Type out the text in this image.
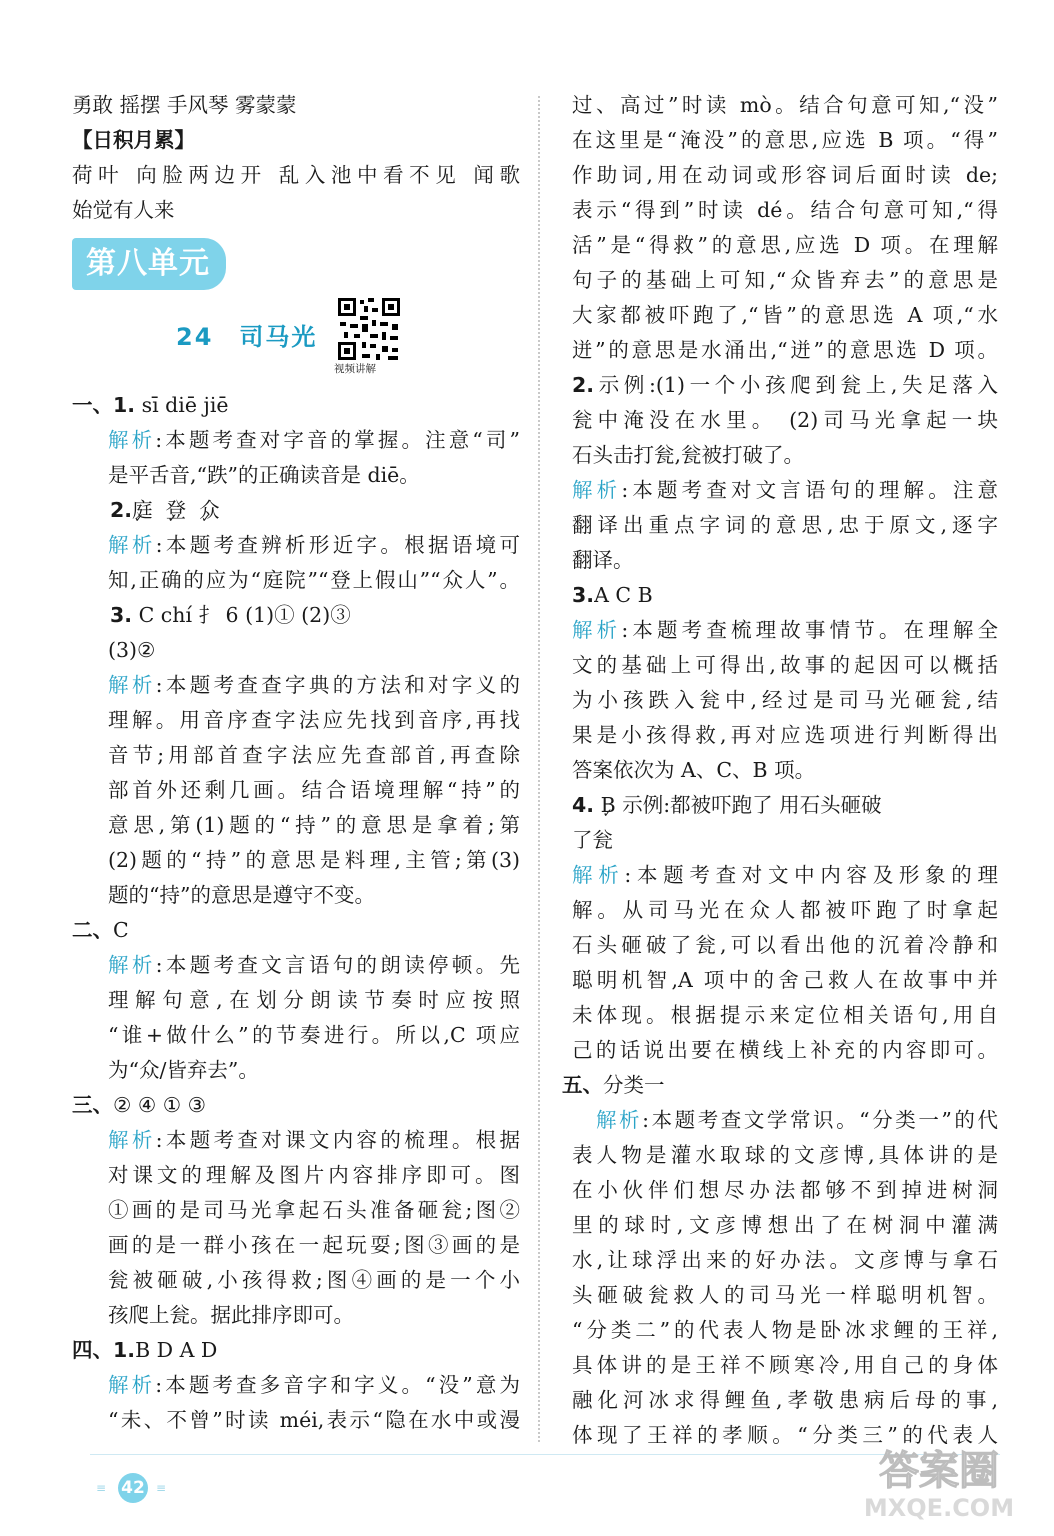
勇敢 摇摆 手风琴 雾蒙蒙
【日积月累】
荷叶 向脸两边开 乱入池中看不见 闻歌
始觉有人来
第八单元
24 司马光
视频讲解
一、1. sī diē jiē
解析:本题考查对字音的掌握。注意“司”
是平舌音,“跌”的正确读音是 diē。
2.庭 ✓ 登 ✓ 众 ✓
解析:本题考查辨析形近字。根据语境可
知,正确的应为“庭院”“登上假山”“众人”。
3. C chí 扌 6 (1)① (2)③
(3)②
解析:本题考查查字典的方法和对字义的
理解。用音序查字法应先找到音序,再找
音节;用部首查字法应先查部首,再查除
部首外还剩几画。结合语境理解“持”的
意思,第(1)题的“持”的意思是拿着;第
(2)题的“持”的意思是料理,主管;第(3)
题的“持”的意思是遵守不变。
二、C
解析:本题考查文言语句的朗读停顿。先
理解句意,在划分朗读节奏时应按照
“谁+做什么”的节奏进行。所以,C 项应
为“众/皆弃去”。
三、② ④ ① ③
解析:本题考查对课文内容的梳理。根据
对课文的理解及图片内容排序即可。图
①画的是司马光拿起石头准备砸瓮;图②
画的是一群小孩在一起玩耍;图③画的是
瓮被砸破,小孩得救;图④画的是一个小
孩爬上瓮。据此排序即可。
四、1.B D A D
解析:本题考查多音字和字义。“没”意为
“未、不曾”时读 méi,表示“隐在水中或漫
过、高过”时读 mò。结合句意可知,“没”
在这里是“淹没”的意思,应选 B 项。“得”
作助词,用在动词或形容词后面时读 de;
表示“得到”时读 dé。结合句意可知,“得
活”是“得救”的意思,应选 D 项。在理解
句子的基础上可知,“众皆弃去”的意思是
大家都被吓跑了,“皆”的意思选 A 项,“水
迸”的意思是水涌出,“迸”的意思选 D 项。
2.示例:(1)一个小孩爬到瓮上,失足落入
瓮中淹没在水里。 (2)司马光拿起一块
石头击打瓮,瓮被打破了。
解析:本题考查对文言语句的理解。注意
翻译出重点字词的意思,忠于原文,逐字
翻译。
3.A C B
解析:本题考查梳理故事情节。在理解全
文的基础上可得出,故事的起因可以概括
为小孩跌入瓮中,经过是司马光砸瓮,结
果是小孩得救,再对应选项进行判断得出
答案依次为 A、C、B 项。
4. B ✓ 示例:都被吓跑了 用石头砸破
了瓮
解析:本题考查对文中内容及形象的理
解。从司马光在众人都被吓跑了时拿起
石头砸破了瓮,可以看出他的沉着冷静和
聪明机智,A 项中的舍己救人在故事中并
未体现。根据提示来定位相关语句,用自
己的话说出要在横线上补充的内容即可。
五、分类一
解析:本题考查文学常识。“分类一”的代
表人物是灌水取球的文彦博,具体讲的是
在小伙伴们想尽办法都够不到掉进树洞
里的球时,文彦博想出了在树洞中灌满
水,让球浮出来的好办法。文彦博与拿石
头砸破瓮救人的司马光一样聪明机智。
“分类二”的代表人物是卧冰求鲤的王祥,
具体讲的是王祥不顾寒冷,用自己的身体
融化河冰求得鲤鱼,孝敬患病后母的事,
体现了王祥的孝顺。“分类三”的代表人
≡ 42 ≡	答案圈
MXQE.COM
